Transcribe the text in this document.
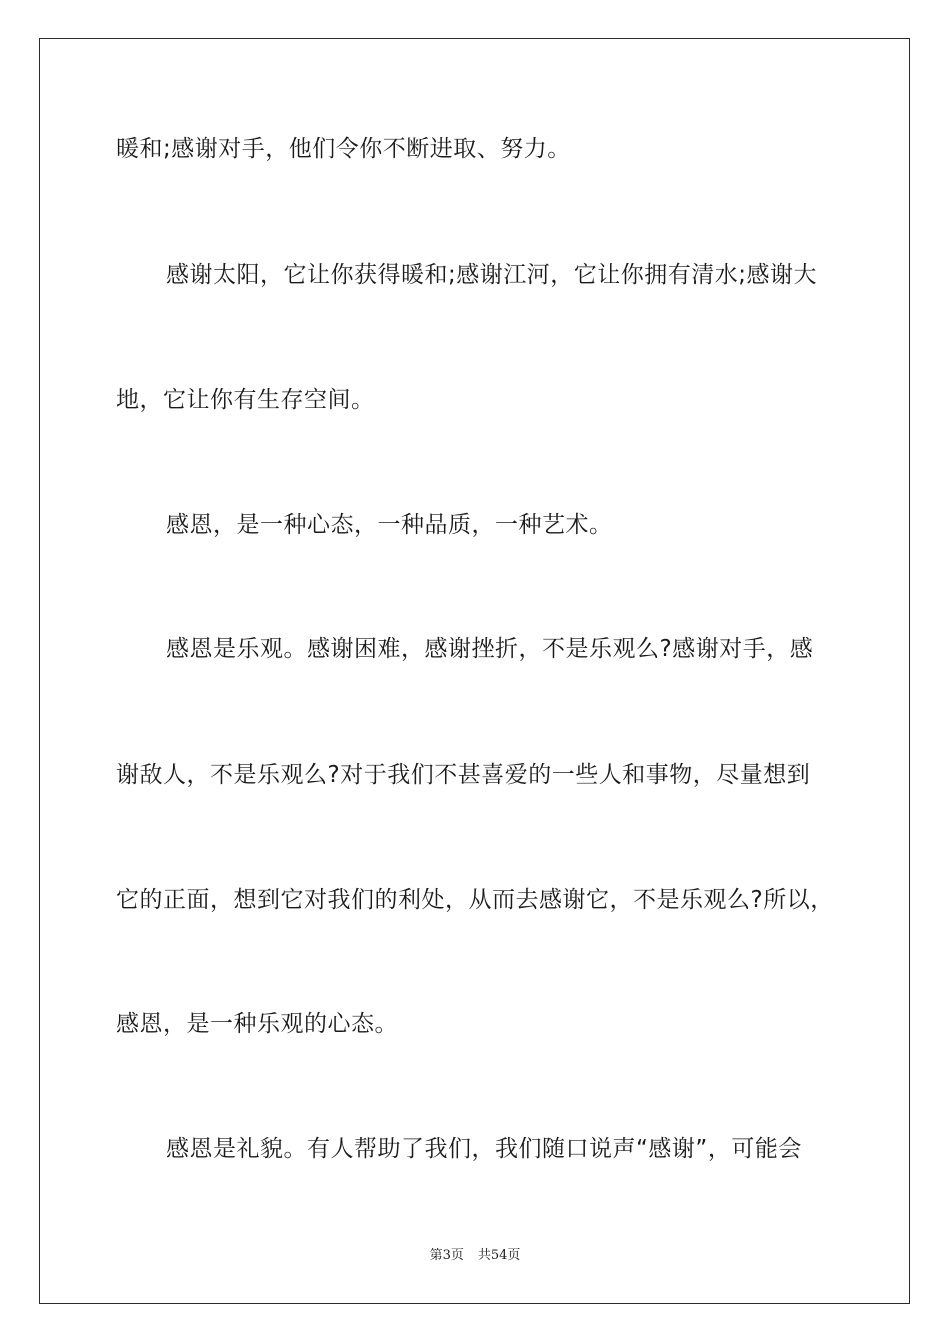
暖和;感谢对手，他们令你不断进取、努力。
感谢太阳，它让你获得暖和;感谢江河，它让你拥有清水;感谢大
地，它让你有生存空间。
感恩，是一种心态，一种品质，一种艺术。
感恩是乐观。感谢困难，感谢挫折，不是乐观么?感谢对手，感
谢敌人，不是乐观么?对于我们不甚喜爱的一些人和事物，尽量想到
它的正面，想到它对我们的利处，从而去感谢它，不是乐观么?所以，
感恩，是一种乐观的心态。
感恩是礼貌。有人帮助了我们，我们随口说声“感谢”，可能会
第3页 共54页
